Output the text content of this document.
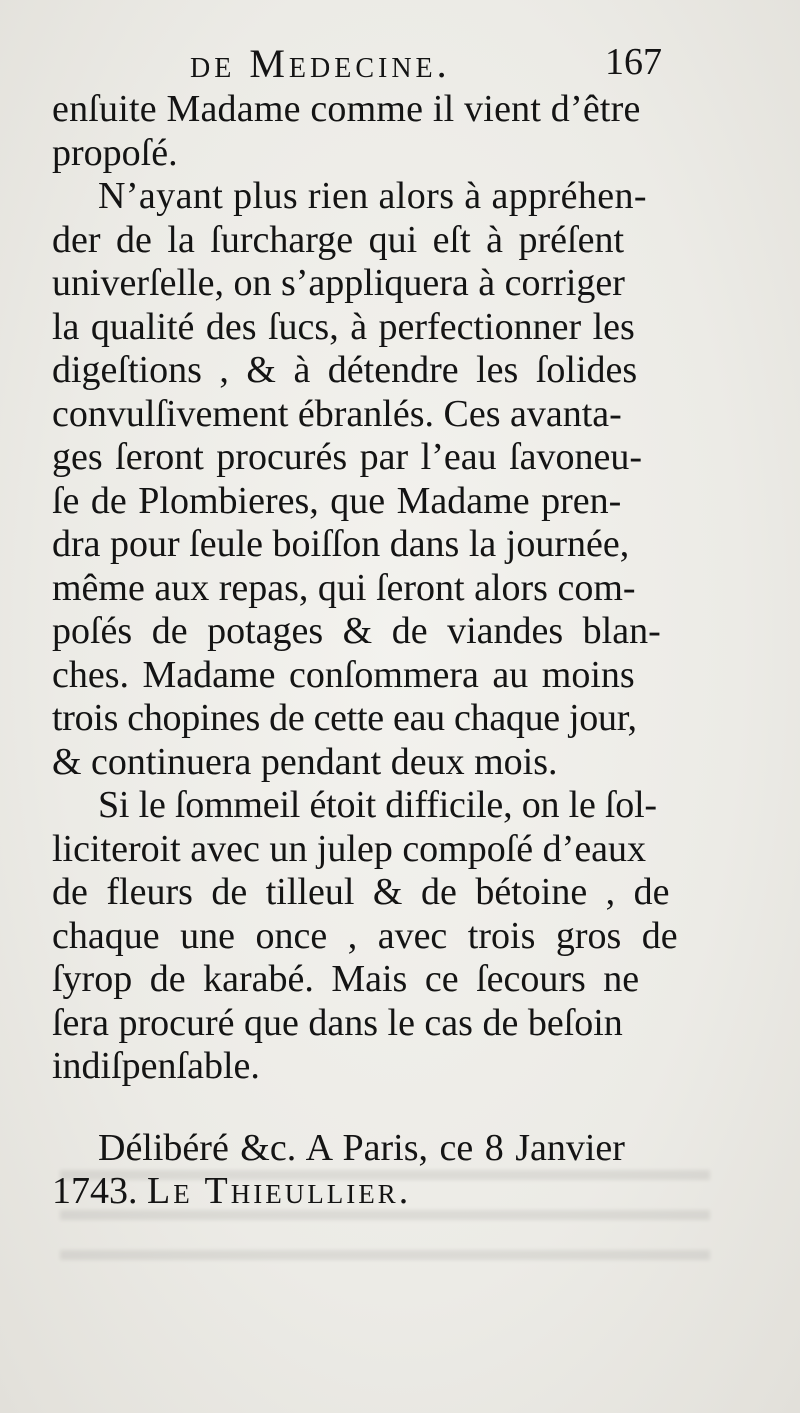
de Medecine.	167
enſuite Madame comme il vient d’être
propoſé.
N’ayant plus rien alors à appréhen-
der de la ſurcharge qui eſt à préſent
univerſelle, on s’appliquera à corriger
la qualité des ſucs, à perfectionner les
digeſtions , & à détendre les ſolides
convulſivement ébranlés. Ces avanta-
ges ſeront procurés par l’eau ſavoneu-
ſe de Plombieres, que Madame pren-
dra pour ſeule boiſſon dans la journée,
même aux repas, qui ſeront alors com-
poſés de potages & de viandes blan-
ches. Madame conſommera au moins
trois chopines de cette eau chaque jour,
& continuera pendant deux mois.
Si le ſommeil étoit difficile, on le ſol-
liciteroit avec un julep compoſé d’eaux
de fleurs de tilleul & de bétoine , de
chaque une once , avec trois gros de
ſyrop de karabé. Mais ce ſecours ne
ſera procuré que dans le cas de beſoin
indiſpenſable.
Délibéré &c. A Paris, ce 8 Janvier
1743. Le Thieullier.
